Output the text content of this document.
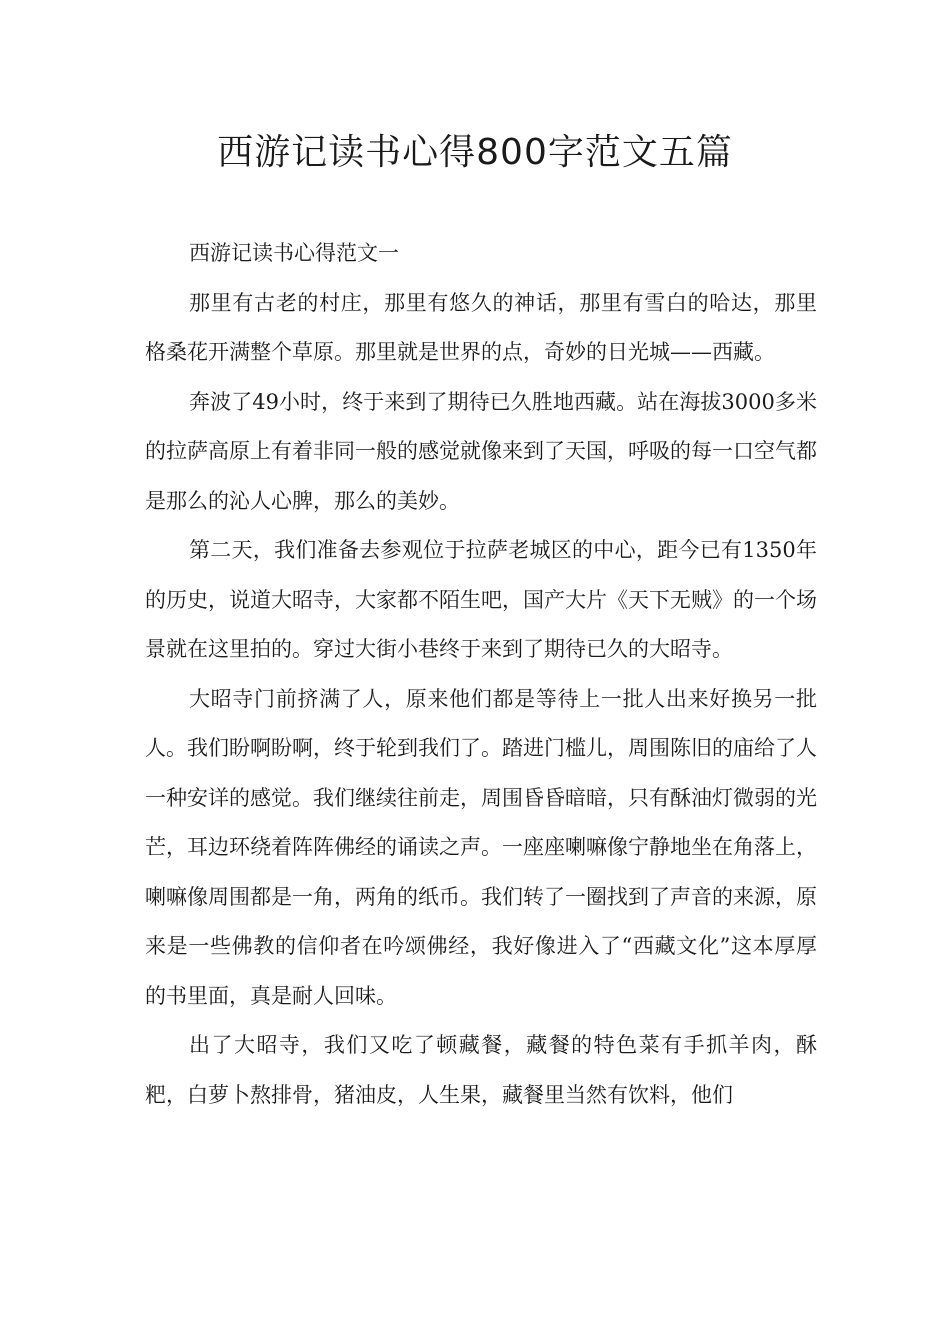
西游记读书心得800字范文五篇

西游记读书心得范文一

那里有古老的村庄，那里有悠久的神话，那里有雪白的哈达，那里格桑花开满整个草原。那里就是世界的点，奇妙的日光城——西藏。

奔波了49小时，终于来到了期待已久胜地西藏。站在海拔3000多米的拉萨高原上有着非同一般的感觉就像来到了天国，呼吸的每一口空气都是那么的沁人心脾，那么的美妙。

第二天，我们准备去参观位于拉萨老城区的中心，距今已有1350年的历史，说道大昭寺，大家都不陌生吧，国产大片《天下无贼》的一个场景就在这里拍的。穿过大街小巷终于来到了期待已久的大昭寺。

大昭寺门前挤满了人，原来他们都是等待上一批人出来好换另一批人。我们盼啊盼啊，终于轮到我们了。踏进门槛儿，周围陈旧的庙给了人一种安详的感觉。我们继续往前走，周围昏昏暗暗，只有酥油灯微弱的光芒，耳边环绕着阵阵佛经的诵读之声。一座座喇嘛像宁静地坐在角落上，喇嘛像周围都是一角，两角的纸币。我们转了一圈找到了声音的来源，原来是一些佛教的信仰者在吟颂佛经，我好像进入了“西藏文化”这本厚厚的书里面，真是耐人回味。

出了大昭寺，我们又吃了顿藏餐，藏餐的特色菜有手抓羊肉，酥粑，白萝卜熬排骨，猪油皮，人生果，藏餐里当然有饮料，他们
